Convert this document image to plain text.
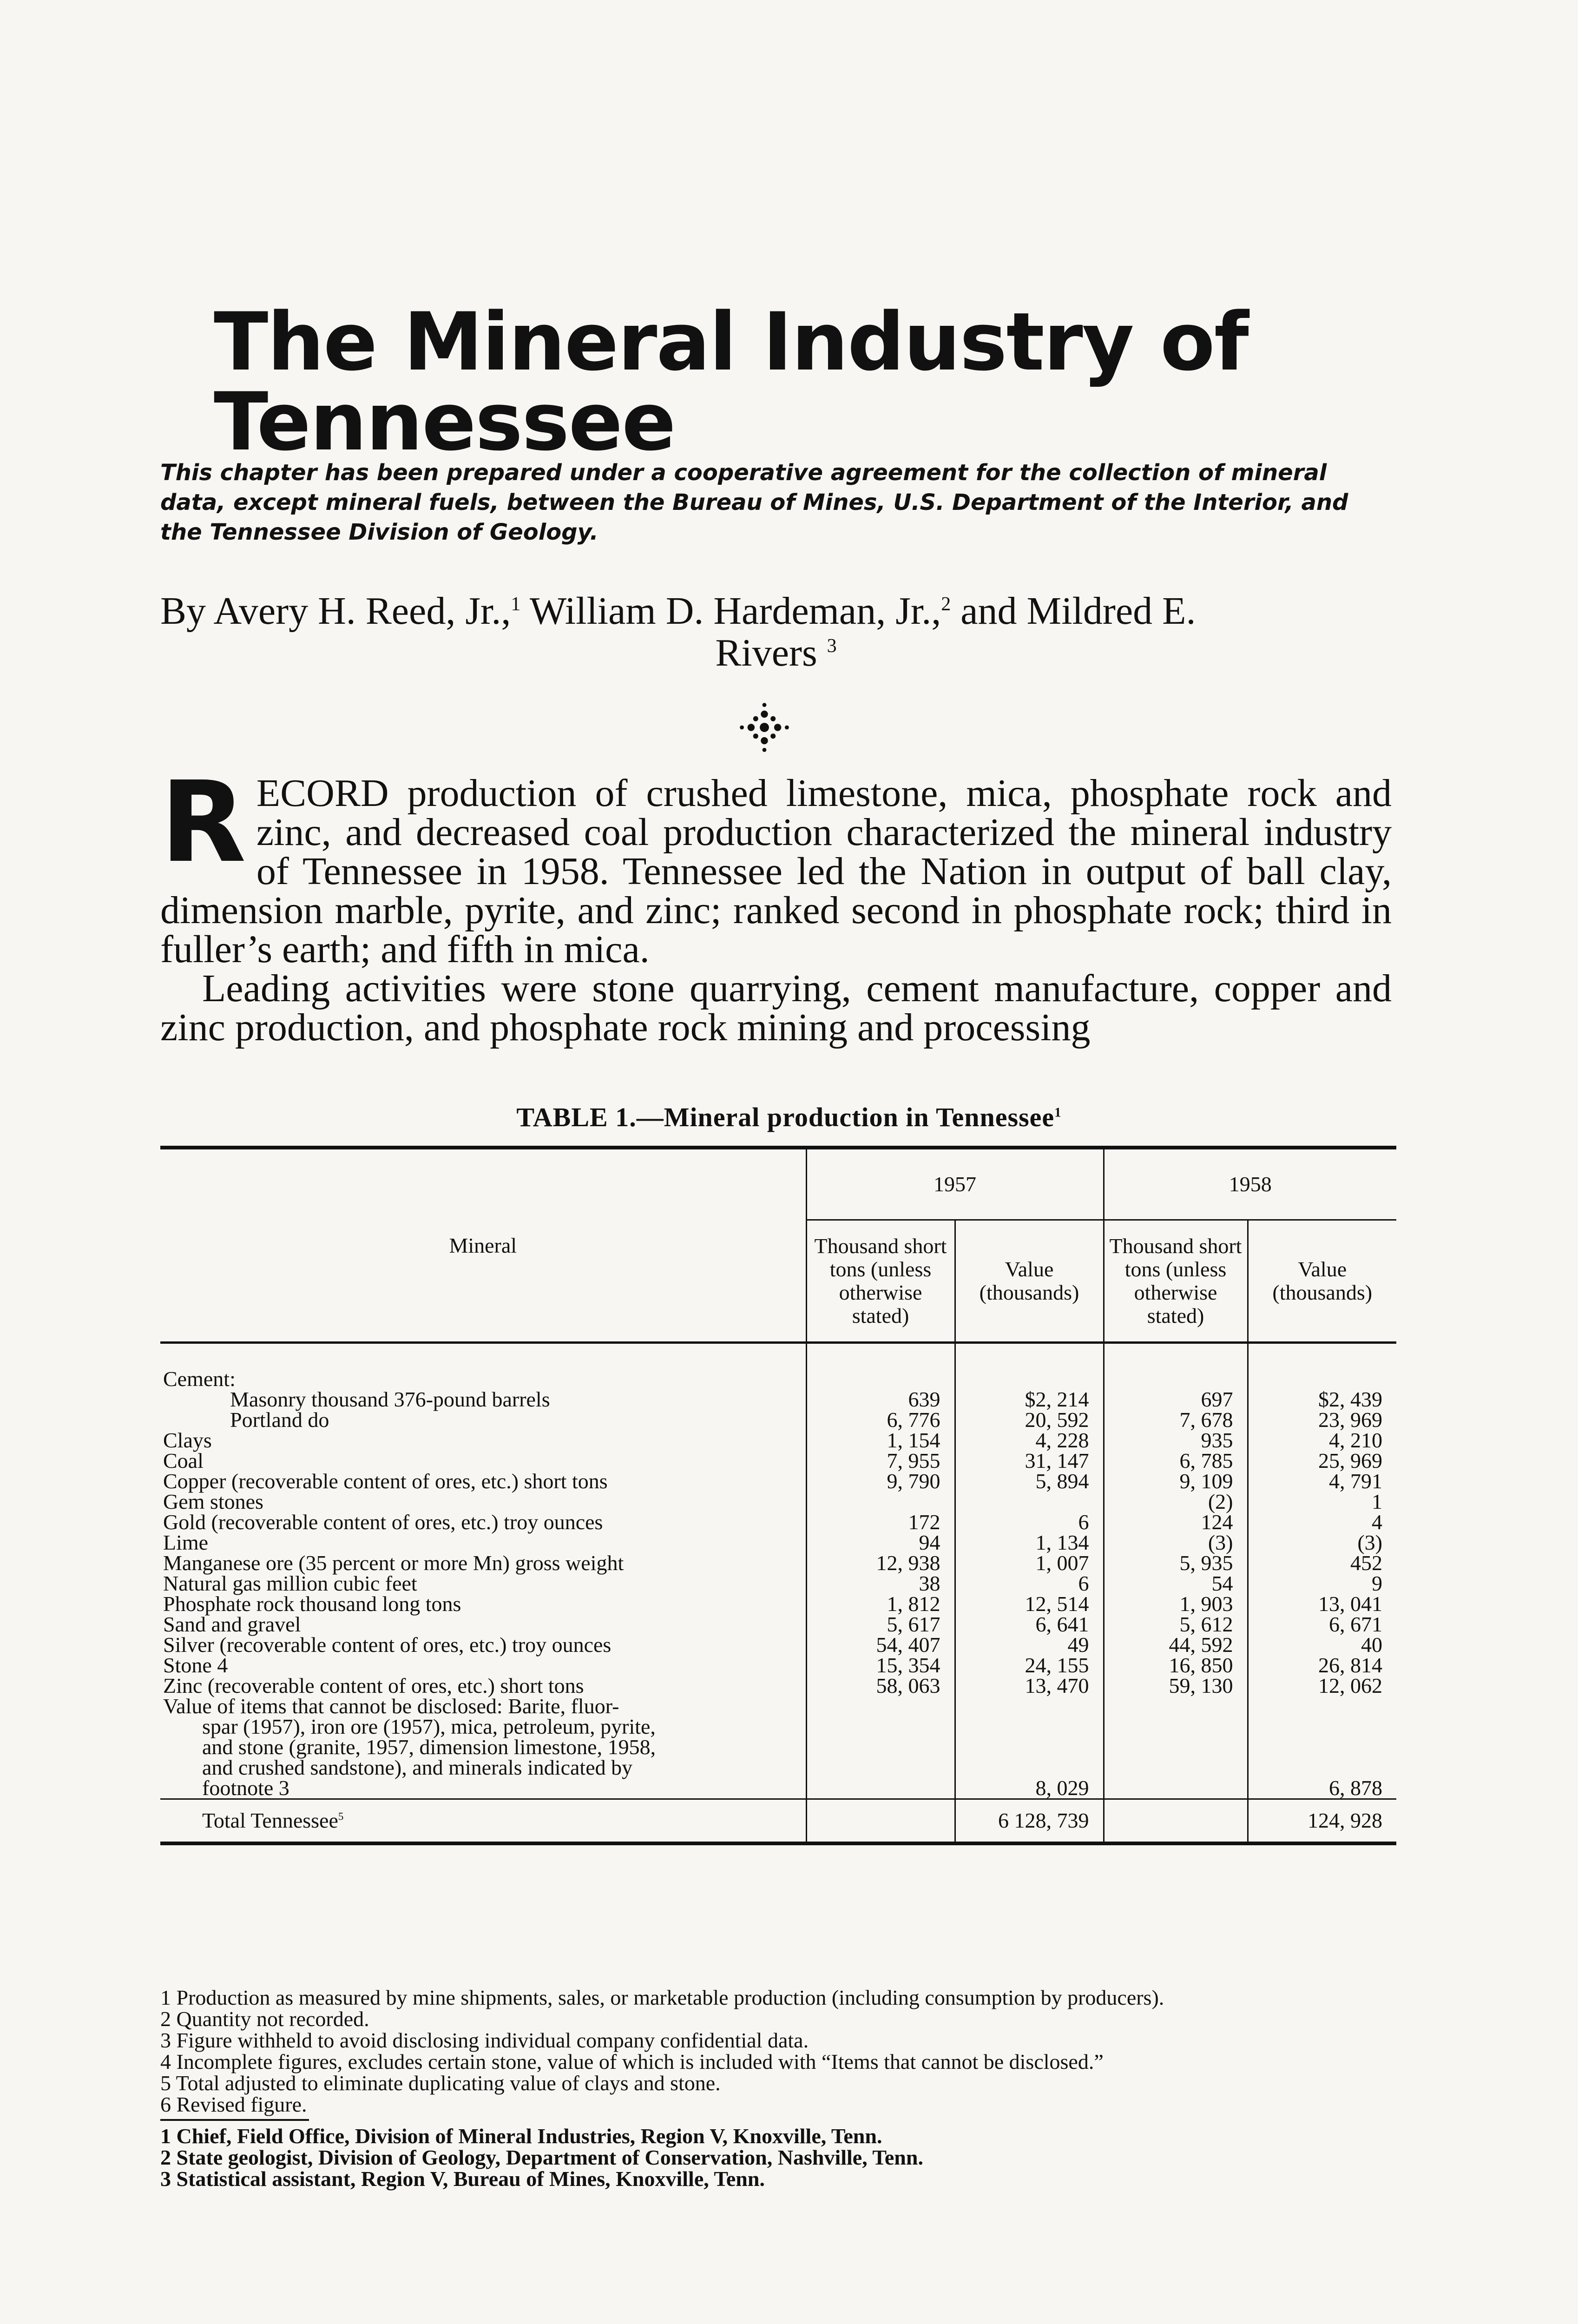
The Mineral Industry of Tennessee

This chapter has been prepared under a cooperative agreement for the collection of mineral data, except mineral fuels, between the Bureau of Mines, U.S. Department of the Interior, and the Tennessee Division of Geology.

By Avery H. Reed, Jr.,$^1$ William D. Hardeman, Jr.,$^2$ and Mildred E.
Rivers $^3$

R ECORD production of crushed limestone, mica, phosphate rock and zinc, and decreased coal production characterized the mineral industry of Tennessee in 1958. Tennessee led the Nation in output of ball clay, dimension marble, pyrite, and zinc; ranked second in phosphate rock; third in fuller’s earth; and fifth in mica.

Leading activities were stone quarrying, cement manufacture, copper and zinc production, and phosphate rock mining and processing

TABLE 1.—Mineral production in Tennessee$^1$

Mineral	1957		1958	
	Thousand short tons (unless otherwise stated)	Value (thousands)	Thousand short tons (unless otherwise stated)	Value (thousands)

Cement:				
Masonry thousand 376-pound barrels	639	$2, 214	697	$2, 439
Portland do	6, 776	20, 592	7, 678	23, 969
Clays	1, 154	4, 228	935	4, 210
Coal	7, 955	31, 147	6, 785	25, 969
Copper (recoverable content of ores, etc.) short tons	9, 790	5, 894	9, 109	4, 791
Gem stones			(2)	1
Gold (recoverable content of ores, etc.) troy ounces	172	6	124	4
Lime	94	1, 134	(3)	(3)
Manganese ore (35 percent or more Mn) gross weight	12, 938	1, 007	5, 935	452
Natural gas million cubic feet	38	6	54	9
Phosphate rock thousand long tons	1, 812	12, 514	1, 903	13, 041
Sand and gravel	5, 617	6, 641	5, 612	6, 671
Silver (recoverable content of ores, etc.) troy ounces	54, 407	49	44, 592	40
Stone 4	15, 354	24, 155	16, 850	26, 814
Zinc (recoverable content of ores, etc.) short tons	58, 063	13, 470	59, 130	12, 062
Value of items that cannot be disclosed: Barite, fluor-				
spar (1957), iron ore (1957), mica, petroleum, pyrite,				
and stone (granite, 1957, dimension limestone, 1958,				
and crushed sandstone), and minerals indicated by				
footnote 3		8, 029		6, 878
Total Tennessee$^5$		6 128, 739		124, 928

1 Production as measured by mine shipments, sales, or marketable production (including consumption by producers).

2 Quantity not recorded.

3 Figure withheld to avoid disclosing individual company confidential data.

4 Incomplete figures, excludes certain stone, value of which is included with “Items that cannot be disclosed.”

5 Total adjusted to eliminate duplicating value of clays and stone.

6 Revised figure.

1 Chief, Field Office, Division of Mineral Industries, Region V, Knoxville, Tenn.

2 State geologist, Division of Geology, Department of Conservation, Nashville, Tenn.

3 Statistical assistant, Region V, Bureau of Mines, Knoxville, Tenn.
